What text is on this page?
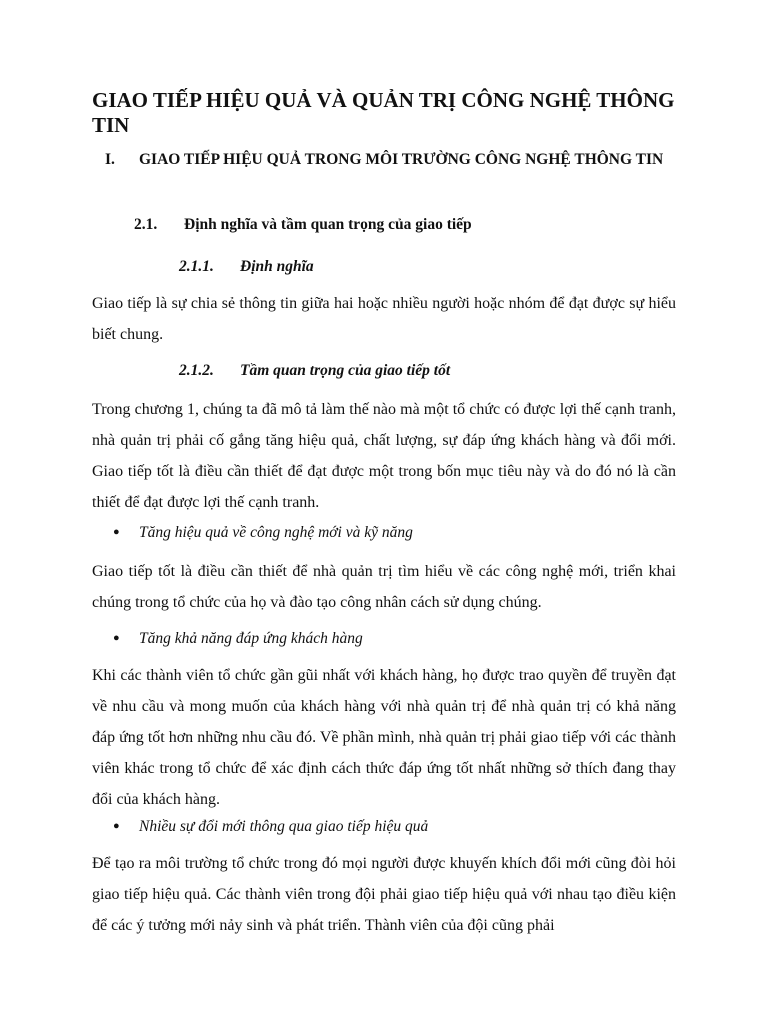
GIAO TIẾP HIỆU QUẢ VÀ QUẢN TRỊ CÔNG NGHỆ THÔNG TIN
I.	GIAO TIẾP HIỆU QUẢ TRONG MÔI TRƯỜNG CÔNG NGHỆ THÔNG TIN
2.1. Định nghĩa và tầm quan trọng của giao tiếp
2.1.1. Định nghĩa

Giao tiếp là sự chia sẻ thông tin giữa hai hoặc nhiều người hoặc nhóm để đạt được sự hiểu biết chung.

2.1.2. Tầm quan trọng của giao tiếp tốt

Trong chương 1, chúng ta đã mô tả làm thế nào mà một tổ chức có được lợi thế cạnh tranh, nhà quản trị phải cố gắng tăng hiệu quả, chất lượng, sự đáp ứng khách hàng và đổi mới. Giao tiếp tốt là điều cần thiết để đạt được một trong bốn mục tiêu này và do đó nó là cần thiết để đạt được lợi thế cạnh tranh.

● Tăng hiệu quả về công nghệ mới và kỹ năng

Giao tiếp tốt là điều cần thiết để nhà quản trị tìm hiểu về các công nghệ mới, triển khai chúng trong tổ chức của họ và đào tạo công nhân cách sử dụng chúng.

● Tăng khả năng đáp ứng khách hàng

Khi các thành viên tổ chức gần gũi nhất với khách hàng, họ được trao quyền để truyền đạt về nhu cầu và mong muốn của khách hàng với nhà quản trị để nhà quản trị có khả năng đáp ứng tốt hơn những nhu cầu đó. Về phần mình, nhà quản trị phải giao tiếp với các thành viên khác trong tổ chức để xác định cách thức đáp ứng tốt nhất những sở thích đang thay đổi của khách hàng.

● Nhiều sự đổi mới thông qua giao tiếp hiệu quả

Để tạo ra môi trường tổ chức trong đó mọi người được khuyến khích đổi mới cũng đòi hỏi giao tiếp hiệu quả. Các thành viên trong đội phải giao tiếp hiệu quả với nhau tạo điều kiện để các ý tưởng mới nảy sinh và phát triển. Thành viên của đội cũng phải
